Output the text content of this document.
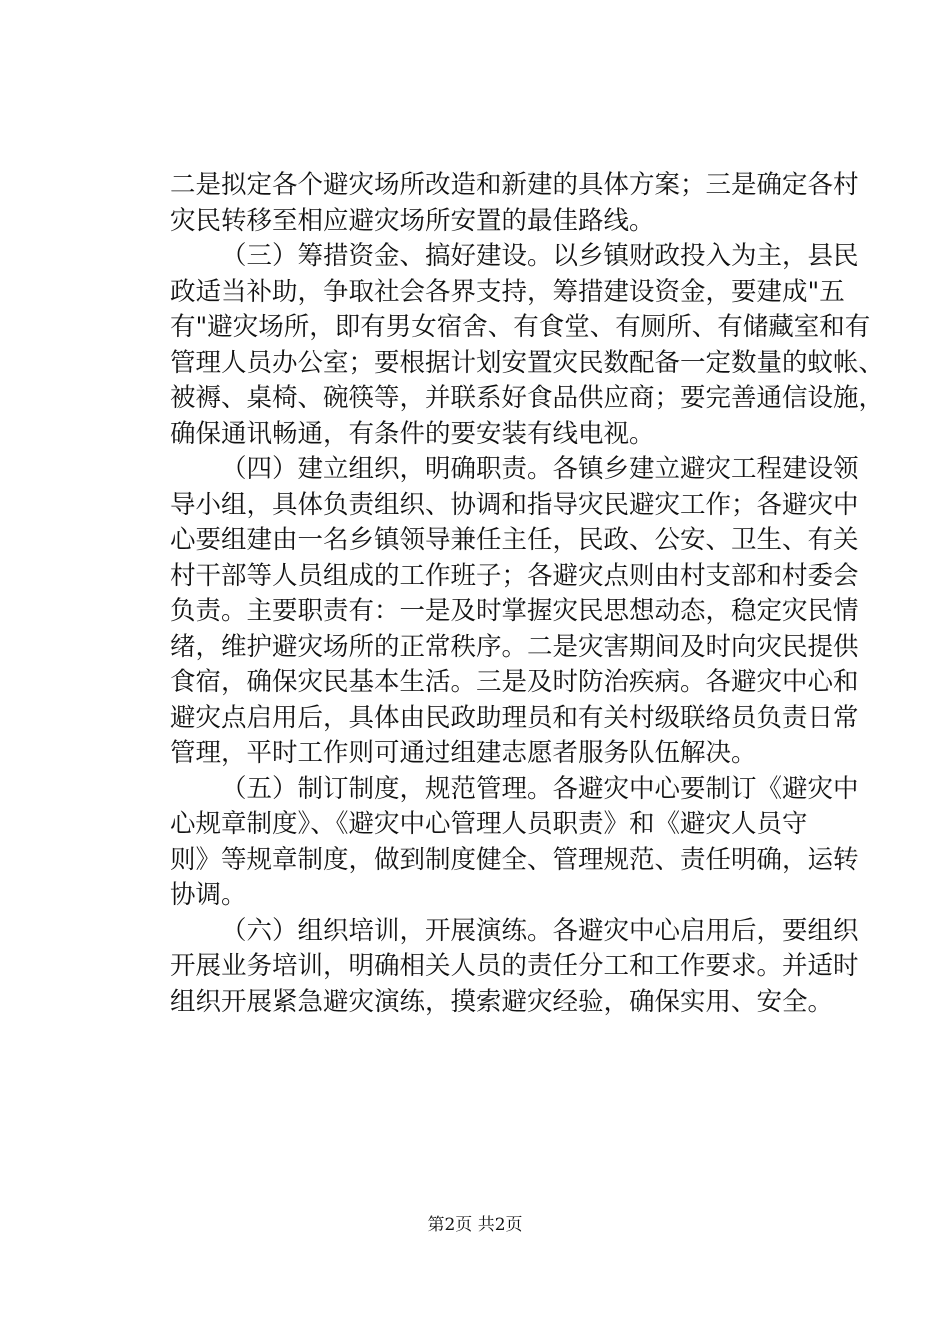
二是拟定各个避灾场所改造和新建的具体方案；三是确定各村
灾民转移至相应避灾场所安置的最佳路线。
（三）筹措资金、搞好建设。以乡镇财政投入为主，县民
政适当补助，争取社会各界支持，筹措建设资金，要建成"五
有"避灾场所，即有男女宿舍、有食堂、有厕所、有储藏室和有
管理人员办公室；要根据计划安置灾民数配备一定数量的蚊帐、
被褥、桌椅、碗筷等，并联系好食品供应商；要完善通信设施，
确保通讯畅通，有条件的要安装有线电视。
（四）建立组织，明确职责。各镇乡建立避灾工程建设领
导小组，具体负责组织、协调和指导灾民避灾工作；各避灾中
心要组建由一名乡镇领导兼任主任，民政、公安、卫生、有关
村干部等人员组成的工作班子；各避灾点则由村支部和村委会
负责。主要职责有：一是及时掌握灾民思想动态，稳定灾民情
绪，维护避灾场所的正常秩序。二是灾害期间及时向灾民提供
食宿，确保灾民基本生活。三是及时防治疾病。各避灾中心和
避灾点启用后，具体由民政助理员和有关村级联络员负责日常
管理，平时工作则可通过组建志愿者服务队伍解决。
（五）制订制度，规范管理。各避灾中心要制订《避灾中
心规章制度》、《避灾中心管理人员职责》和《避灾人员守
则》等规章制度，做到制度健全、管理规范、责任明确，运转
协调。
（六）组织培训，开展演练。各避灾中心启用后，要组织
开展业务培训，明确相关人员的责任分工和工作要求。并适时
组织开展紧急避灾演练，摸索避灾经验，确保实用、安全。
第2页 共2页
